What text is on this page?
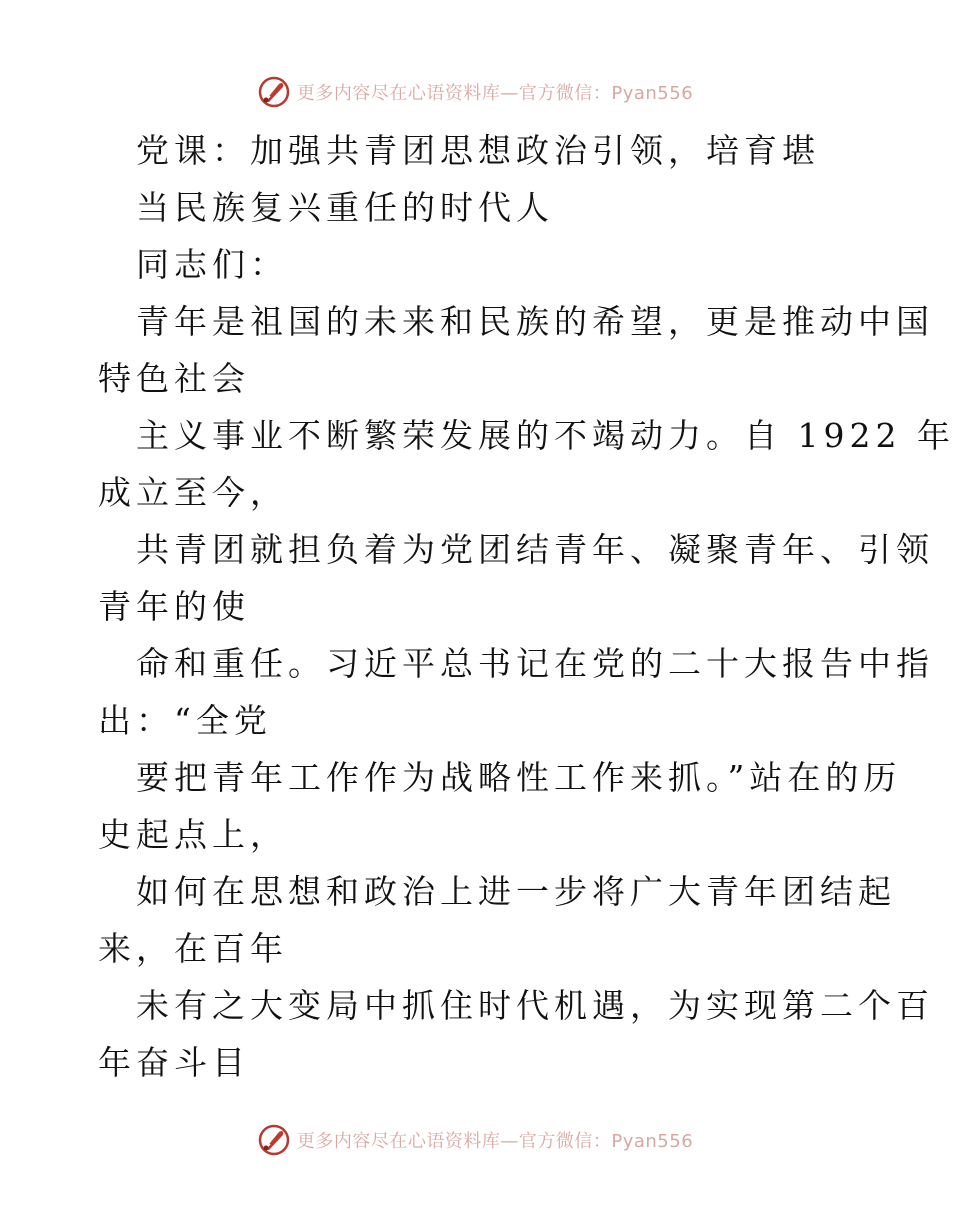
更多内容尽在心语资料库—官方微信：Pyan556
党课：加强共青团思想政治引领，培育堪
当民族复兴重任的时代人
同志们：
青年是祖国的未来和民族的希望，更是推动中国
特色社会
主义事业不断繁荣发展的不竭动力。自 1922 年
成立至今，
共青团就担负着为党团结青年、凝聚青年、引领
青年的使
命和重任。习近平总书记在党的二十大报告中指
出：“全党
要把青年工作作为战略性工作来抓。”站在的历
史起点上，
如何在思想和政治上进一步将广大青年团结起
来，在百年
未有之大变局中抓住时代机遇，为实现第二个百
年奋斗目
更多内容尽在心语资料库—官方微信：Pyan556
